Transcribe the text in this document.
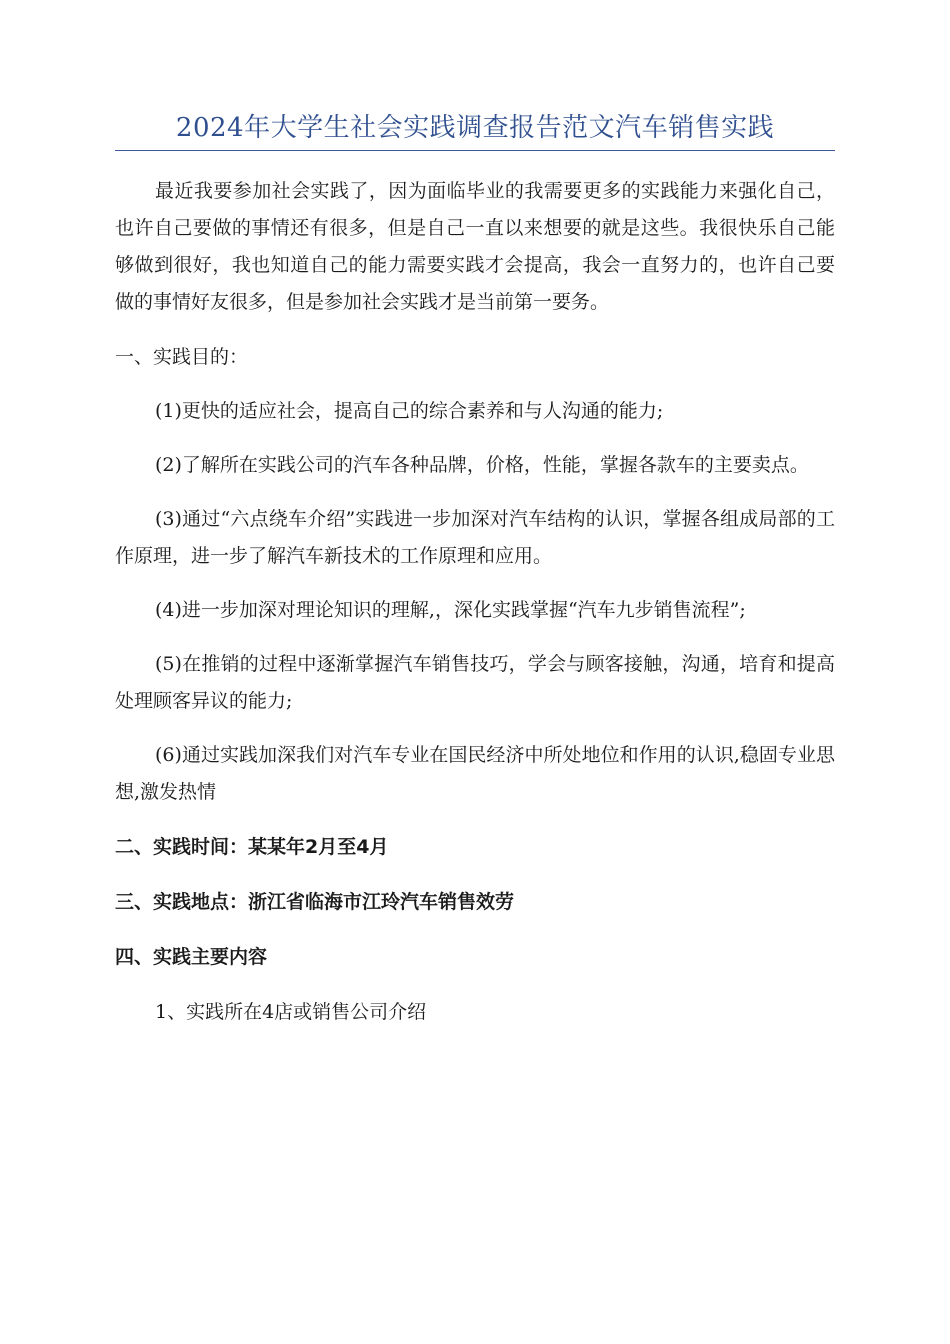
2024年大学生社会实践调查报告范文汽车销售实践

最近我要参加社会实践了，因为面临毕业的我需要更多的实践能力来强化自己，也许自己要做的事情还有很多，但是自己一直以来想要的就是这些。我很快乐自己能够做到很好，我也知道自己的能力需要实践才会提高，我会一直努力的，也许自己要做的事情好友很多，但是参加社会实践才是当前第一要务。

一、实践目的：

(1)更快的适应社会，提高自己的综合素养和与人沟通的能力;

(2)了解所在实践公司的汽车各种品牌，价格，性能，掌握各款车的主要卖点。

(3)通过“六点绕车介绍”实践进一步加深对汽车结构的认识，掌握各组成局部的工作原理，进一步了解汽车新技术的工作原理和应用。

(4)进一步加深对理论知识的理解,，深化实践掌握“汽车九步销售流程”;

(5)在推销的过程中逐渐掌握汽车销售技巧，学会与顾客接触，沟通，培育和提高处理顾客异议的能力;

(6)通过实践加深我们对汽车专业在国民经济中所处地位和作用的认识,稳固专业思想,激发热情

二、实践时间：某某年2月至4月

三、实践地点：浙江省临海市江玲汽车销售效劳

四、实践主要内容

1、实践所在4店或销售公司介绍
